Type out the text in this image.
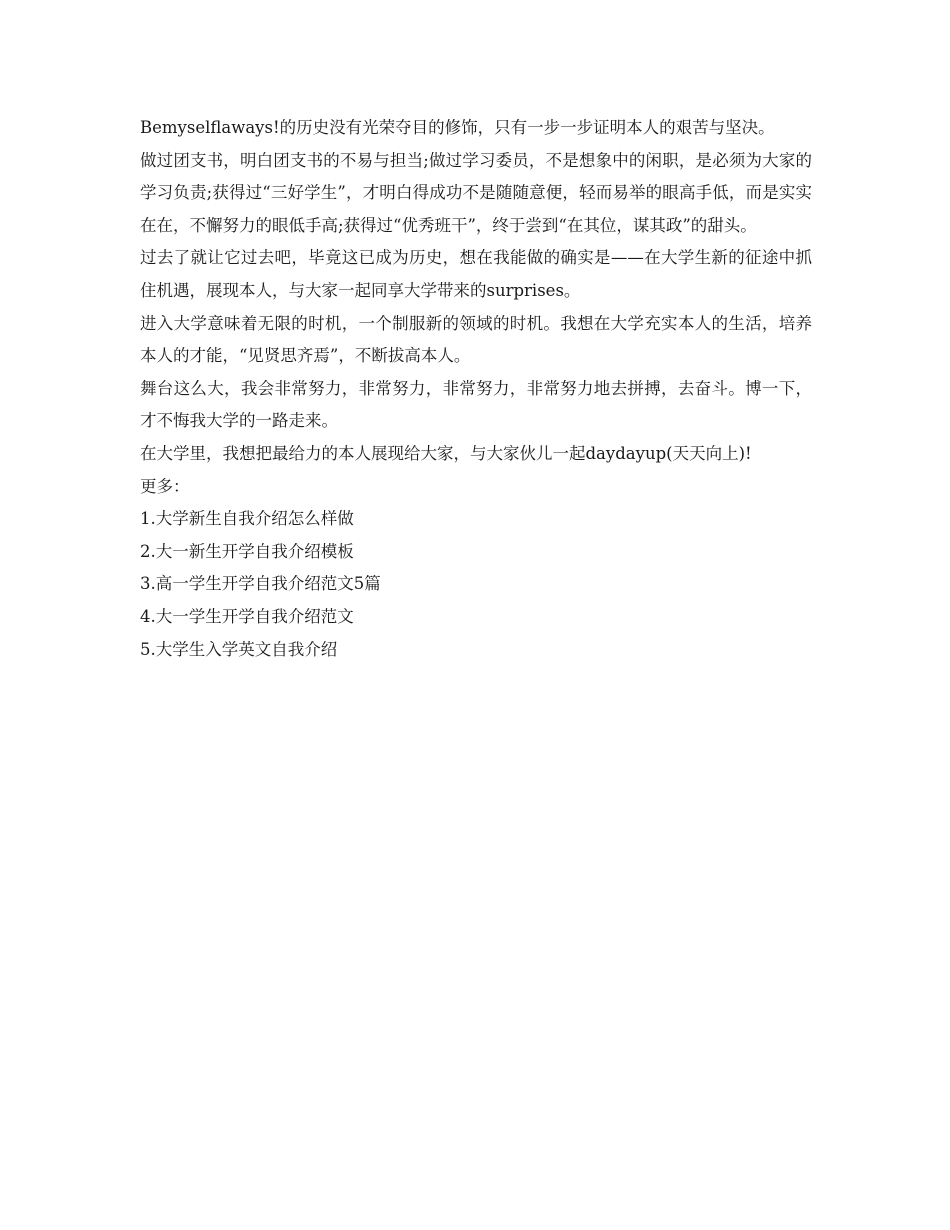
Bemyselflaways!的历史没有光荣夺目的修饰，只有一步一步证明本人的艰苦与坚决。

做过团支书，明白团支书的不易与担当;做过学习委员，不是想象中的闲职，是必须为大家的学习负责;获得过“三好学生”，才明白得成功不是随随意便，轻而易举的眼高手低，而是实实在在，不懈努力的眼低手高;获得过“优秀班干”，终于尝到“在其位，谋其政”的甜头。

过去了就让它过去吧，毕竟这已成为历史，想在我能做的确实是——在大学生新的征途中抓住机遇，展现本人，与大家一起同享大学带来的surprises。

进入大学意味着无限的时机，一个制服新的领域的时机。我想在大学充实本人的生活，培养本人的才能，“见贤思齐焉”，不断拔高本人。

舞台这么大，我会非常努力，非常努力，非常努力，非常努力地去拼搏，去奋斗。博一下，才不悔我大学的一路走来。

在大学里，我想把最给力的本人展现给大家，与大家伙儿一起daydayup(天天向上)!

更多：

1.大学新生自我介绍怎么样做
2.大一新生开学自我介绍模板
3.高一学生开学自我介绍范文5篇
4.大一学生开学自我介绍范文
5.大学生入学英文自我介绍
